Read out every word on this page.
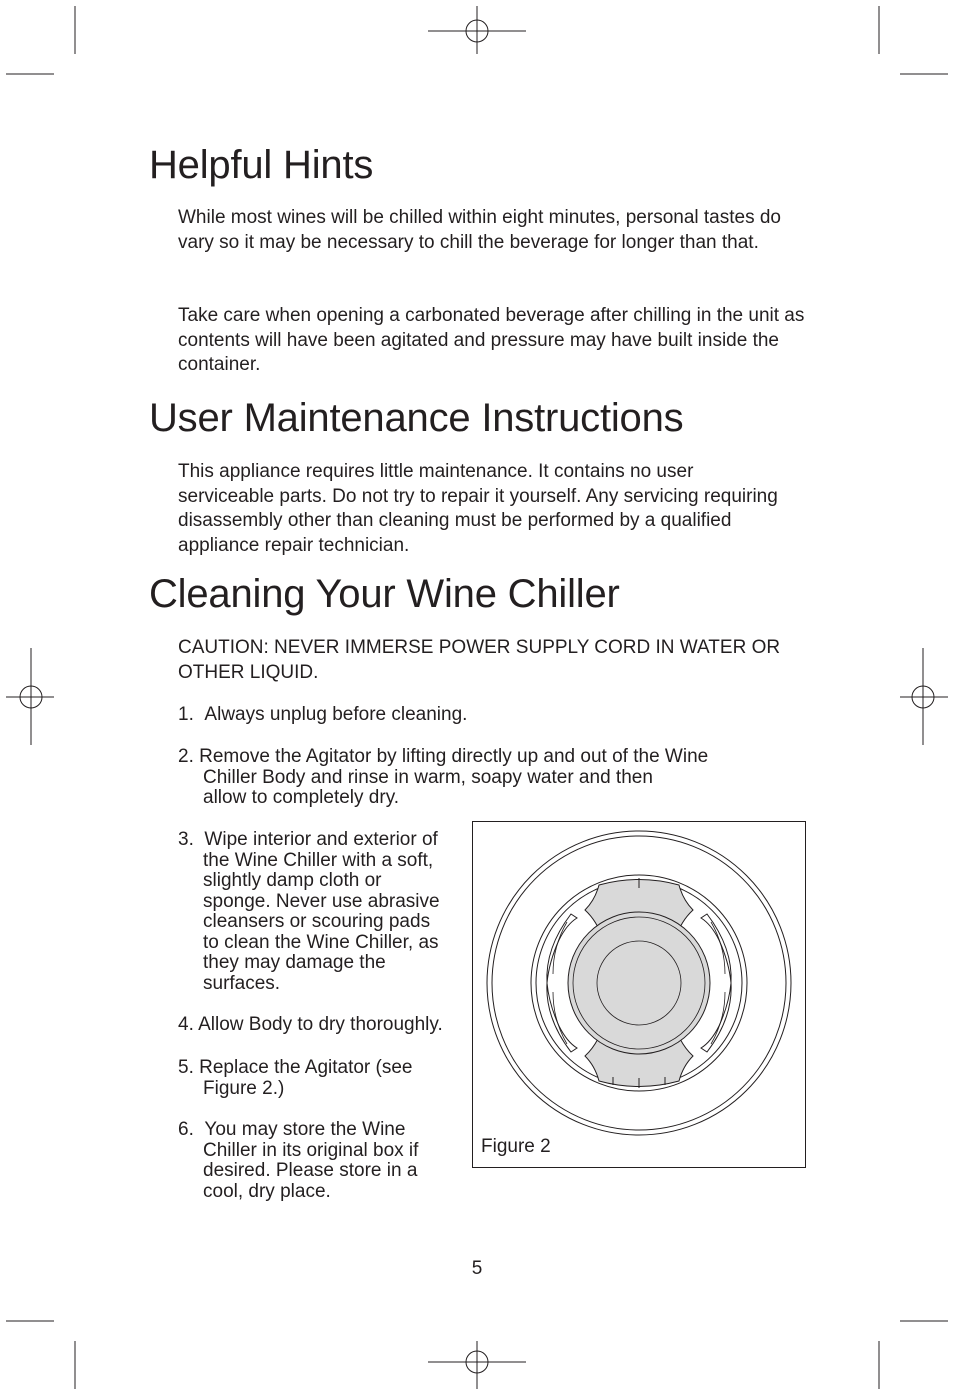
Helpful Hints

While most wines will be chilled within eight minutes, personal tastes do vary so it may be necessary to chill the beverage for longer than that.

Take care when opening a carbonated beverage after chilling in the unit as contents will have been agitated and pressure may have built inside the container.

User Maintenance Instructions

This appliance requires little maintenance. It contains no user serviceable parts. Do not try to repair it yourself. Any servicing requiring disassembly other than cleaning must be performed by a qualified appliance repair technician.

Cleaning Your Wine Chiller

CAUTION: NEVER IMMERSE POWER SUPPLY CORD IN WATER OR OTHER LIQUID.

1. Always unplug before cleaning.
2. Remove the Agitator by lifting directly up and out of the Wine
Chiller Body and rinse in warm, soapy water and then
allow to completely dry.
3. Wipe interior and exterior of
the Wine Chiller with a soft,
slightly damp cloth or
sponge. Never use abrasive
cleansers or scouring pads
to clean the Wine Chiller, as
they may damage the
surfaces.
4. Allow Body to dry thoroughly.
5. Replace the Agitator (see
Figure 2.)
6. You may store the Wine
Chiller in its original box if
desired. Please store in a
cool, dry place.

Figure 2

5
